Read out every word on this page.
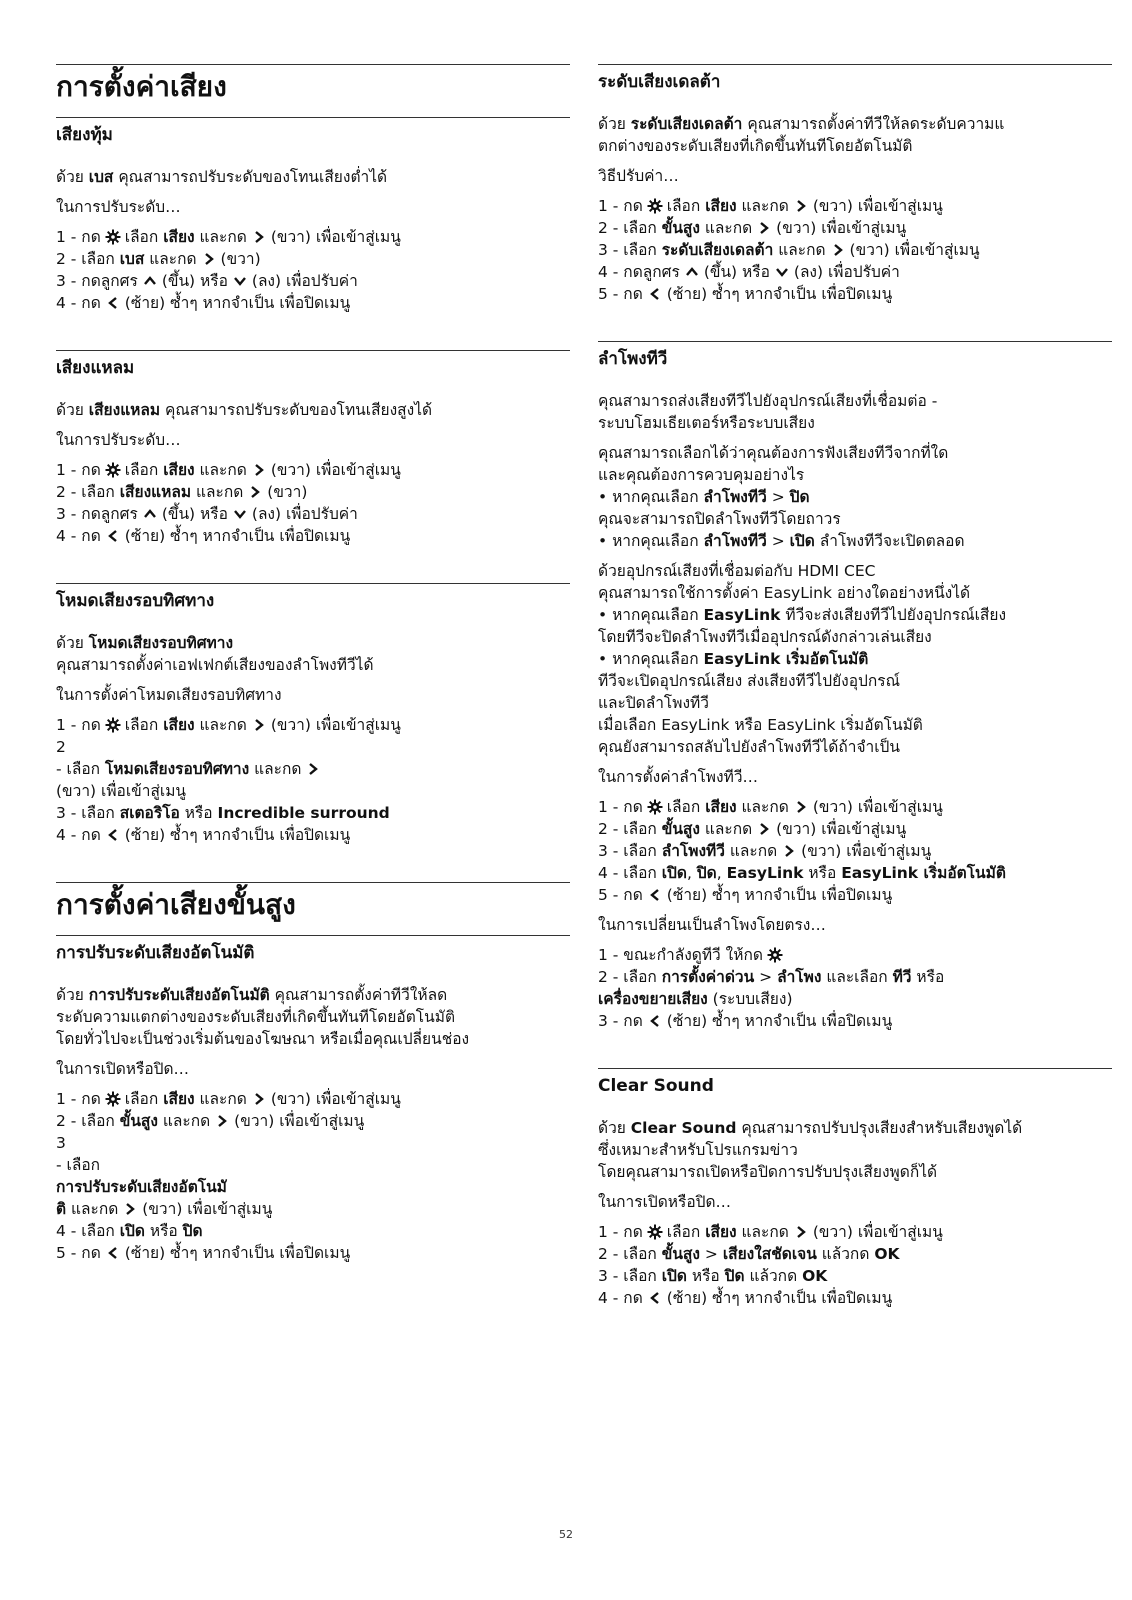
การตั้งค่าเสียง
เสียงทุ้ม

ด้วย เบส คุณสามารถปรับระดับของโทนเสียงต่ำได้

ในการปรับระดับ…

1 - กด เลือก เสียง และกด (ขวา) เพื่อเข้าสู่เมนู

2 - เลือก เบส และกด (ขวา)

3 - กดลูกศร (ขึ้น) หรือ (ลง) เพื่อปรับค่า

4 - กด (ซ้าย) ซ้ำๆ หากจำเป็น เพื่อปิดเมนู

เสียงแหลม

ด้วย เสียงแหลม คุณสามารถปรับระดับของโทนเสียงสูงได้

ในการปรับระดับ…

1 - กด เลือก เสียง และกด (ขวา) เพื่อเข้าสู่เมนู

2 - เลือก เสียงแหลม และกด (ขวา)

3 - กดลูกศร (ขึ้น) หรือ (ลง) เพื่อปรับค่า

4 - กด (ซ้าย) ซ้ำๆ หากจำเป็น เพื่อปิดเมนู

โหมดเสียงรอบทิศทาง

ด้วย โหมดเสียงรอบทิศทาง

คุณสามารถตั้งค่าเอฟเฟกต์เสียงของลำโพงทีวีได้

ในการตั้งค่าโหมดเสียงรอบทิศทาง

1 - กด เลือก เสียง และกด (ขวา) เพื่อเข้าสู่เมนู

2

- เลือก โหมดเสียงรอบทิศทาง และกด

(ขวา) เพื่อเข้าสู่เมนู

3 - เลือก สเตอริโอ หรือ Incredible surround

4 - กด (ซ้าย) ซ้ำๆ หากจำเป็น เพื่อปิดเมนู

การตั้งค่าเสียงขั้นสูง
การปรับระดับเสียงอัตโนมัติ

ด้วย การปรับระดับเสียงอัตโนมัติ คุณสามารถตั้งค่าทีวีให้ลด

ระดับความแตกต่างของระดับเสียงที่เกิดขึ้นทันทีโดยอัตโนมัติ

โดยทั่วไปจะเป็นช่วงเริ่มต้นของโฆษณา หรือเมื่อคุณเปลี่ยนช่อง

ในการเปิดหรือปิด…

1 - กด เลือก เสียง และกด (ขวา) เพื่อเข้าสู่เมนู

2 - เลือก ขั้นสูง และกด (ขวา) เพื่อเข้าสู่เมนู

3

- เลือก

การปรับระดับเสียงอัตโนมั

ติ และกด (ขวา) เพื่อเข้าสู่เมนู

4 - เลือก เปิด หรือ ปิด

5 - กด (ซ้าย) ซ้ำๆ หากจำเป็น เพื่อปิดเมนู

ระดับเสียงเดลต้า

ด้วย ระดับเสียงเดลต้า คุณสามารถตั้งค่าทีวีให้ลดระดับความแ

ตกต่างของระดับเสียงที่เกิดขึ้นทันทีโดยอัตโนมัติ

วิธีปรับค่า…

1 - กด เลือก เสียง และกด (ขวา) เพื่อเข้าสู่เมนู

2 - เลือก ขั้นสูง และกด (ขวา) เพื่อเข้าสู่เมนู

3 - เลือก ระดับเสียงเดลต้า และกด (ขวา) เพื่อเข้าสู่เมนู

4 - กดลูกศร (ขึ้น) หรือ (ลง) เพื่อปรับค่า

5 - กด (ซ้าย) ซ้ำๆ หากจำเป็น เพื่อปิดเมนู

ลำโพงทีวี

คุณสามารถส่งเสียงทีวีไปยังอุปกรณ์เสียงที่เชื่อมต่อ -

ระบบโฮมเธียเตอร์หรือระบบเสียง

คุณสามารถเลือกได้ว่าคุณต้องการฟังเสียงทีวีจากที่ใด

และคุณต้องการควบคุมอย่างไร

• หากคุณเลือก ลำโพงทีวี > ปิด

คุณจะสามารถปิดลำโพงทีวีโดยถาวร

• หากคุณเลือก ลำโพงทีวี > เปิด ลำโพงทีวีจะเปิดตลอด

ด้วยอุปกรณ์เสียงที่เชื่อมต่อกับ HDMI CEC

คุณสามารถใช้การตั้งค่า EasyLink อย่างใดอย่างหนึ่งได้

• หากคุณเลือก EasyLink ทีวีจะส่งเสียงทีวีไปยังอุปกรณ์เสียง

โดยทีวีจะปิดลำโพงทีวีเมื่ออุปกรณ์ดังกล่าวเล่นเสียง

• หากคุณเลือก EasyLink เริ่มอัตโนมัติ

ทีวีจะเปิดอุปกรณ์เสียง ส่งเสียงทีวีไปยังอุปกรณ์

และปิดลำโพงทีวี

เมื่อเลือก EasyLink หรือ EasyLink เริ่มอัตโนมัติ

คุณยังสามารถสลับไปยังลำโพงทีวีได้ถ้าจำเป็น

ในการตั้งค่าลำโพงทีวี…

1 - กด เลือก เสียง และกด (ขวา) เพื่อเข้าสู่เมนู

2 - เลือก ขั้นสูง และกด (ขวา) เพื่อเข้าสู่เมนู

3 - เลือก ลำโพงทีวี และกด (ขวา) เพื่อเข้าสู่เมนู

4 - เลือก เปิด, ปิด, EasyLink หรือ EasyLink เริ่มอัตโนมัติ

5 - กด (ซ้าย) ซ้ำๆ หากจำเป็น เพื่อปิดเมนู

ในการเปลี่ยนเป็นลำโพงโดยตรง…

1 - ขณะกำลังดูทีวี ให้กด

2 - เลือก การตั้งค่าด่วน > ลำโพง และเลือก ทีวี หรือ

เครื่องขยายเสียง (ระบบเสียง)

3 - กด (ซ้าย) ซ้ำๆ หากจำเป็น เพื่อปิดเมนู

Clear Sound

ด้วย Clear Sound คุณสามารถปรับปรุงเสียงสำหรับเสียงพูดได้

ซึ่งเหมาะสำหรับโปรแกรมข่าว

โดยคุณสามารถเปิดหรือปิดการปรับปรุงเสียงพูดก็ได้

ในการเปิดหรือปิด…

1 - กด เลือก เสียง และกด (ขวา) เพื่อเข้าสู่เมนู

2 - เลือก ขั้นสูง > เสียงใสชัดเจน แล้วกด OK

3 - เลือก เปิด หรือ ปิด แล้วกด OK

4 - กด (ซ้าย) ซ้ำๆ หากจำเป็น เพื่อปิดเมนู

52
